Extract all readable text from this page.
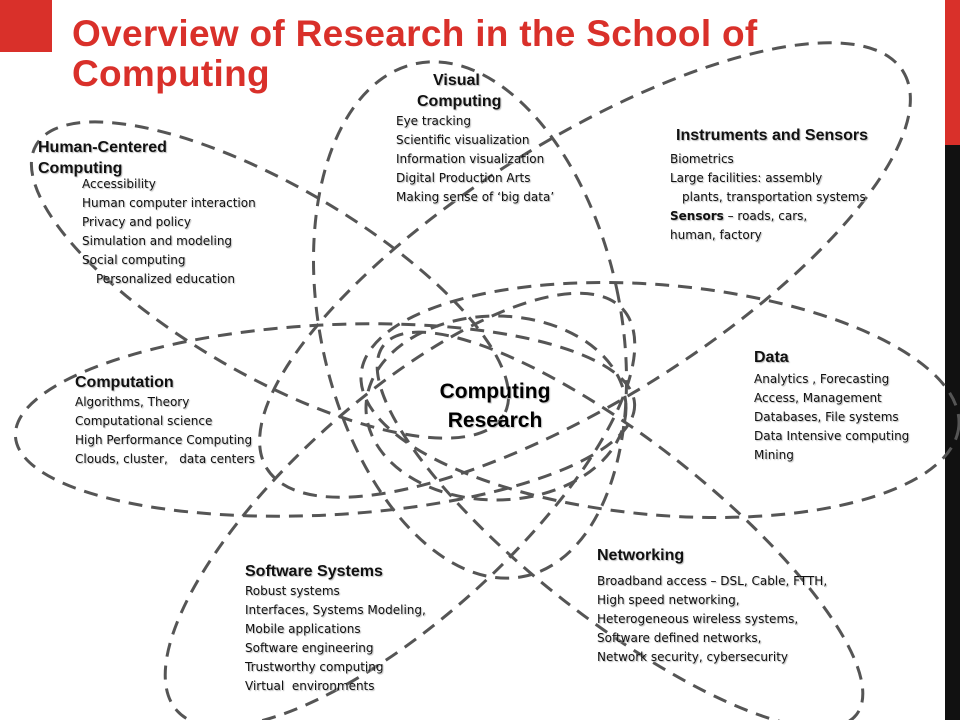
Overview of Research in the School of
Computing
Computing
Research
Visual
Computing
Eye tracking
Scientific visualization
Information visualization
Digital Production Arts
Making sense of ‘big data’
Instruments and Sensors
Biometrics
Large facilities: assembly
plants, transportation systems
Sensors – roads, cars,
human, factory
Human-Centered
Computing
Accessibility
Human computer interaction
Privacy and policy
Simulation and modeling
Social computing
Personalized education
Computation
Algorithms, Theory
Computational science
High Performance Computing
Clouds, cluster,   data centers
Data
Analytics , Forecasting
Access, Management
Databases, File systems
Data Intensive computing
Mining
Networking
Broadband access – DSL, Cable, FTTH,
High speed networking,
Heterogeneous wireless systems,
Software defined networks,
Network security, cybersecurity
Software Systems
Robust systems
Interfaces, Systems Modeling,
Mobile applications
Software engineering
Trustworthy computing
Virtual  environments
